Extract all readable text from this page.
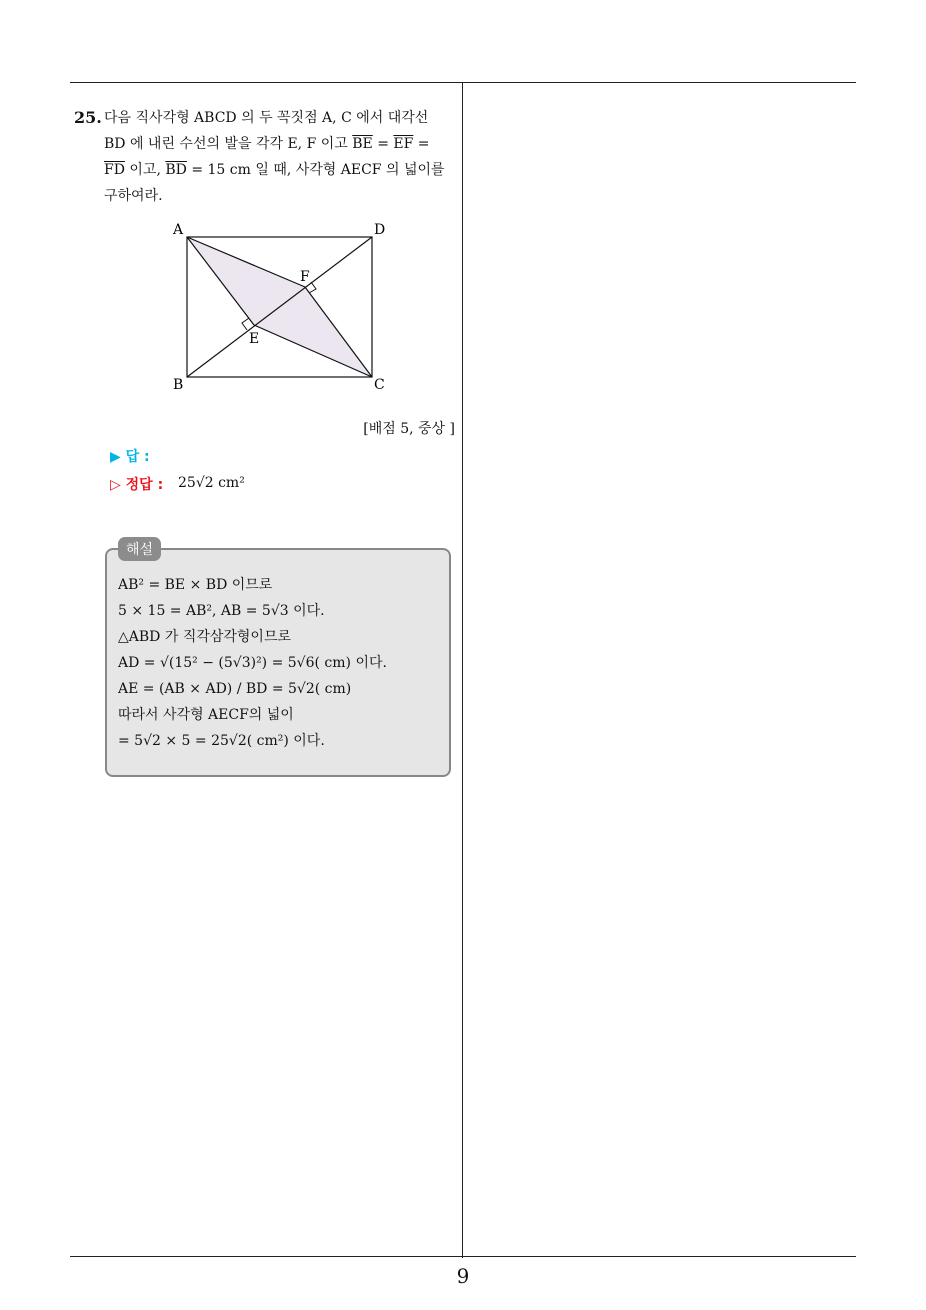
9
25. 다음 직사각형 ABCD 의 두 꼭짓점 A, C 에서 대각선
BD 에 내린 수선의 발을 각각 E, F 이고 $\overline{BE} = \overline{EF}$ =
$\overline{FD}$ 이고, $\overline{BD} = 15$ cm 일 때, 사각형 AECF 의 넓이를
구하여라.
A	D
B	C
E
F
[배점 5, 중상 ]
▶ 답 :
▷ 정답 : 25√2 cm²
해설
AB² = BE × BD 이므로
5 × 15 = AB², AB = 5√3 이다.
△ABD 가 직각삼각형이므로
AD = √(15² − (5√3)²) = 5√6( cm) 이다.
AE = (AB × AD) / BD = 5√2( cm)
따라서 사각형 AECF의 넓이
= 5√2 × 5 = 25√2( cm²) 이다.
